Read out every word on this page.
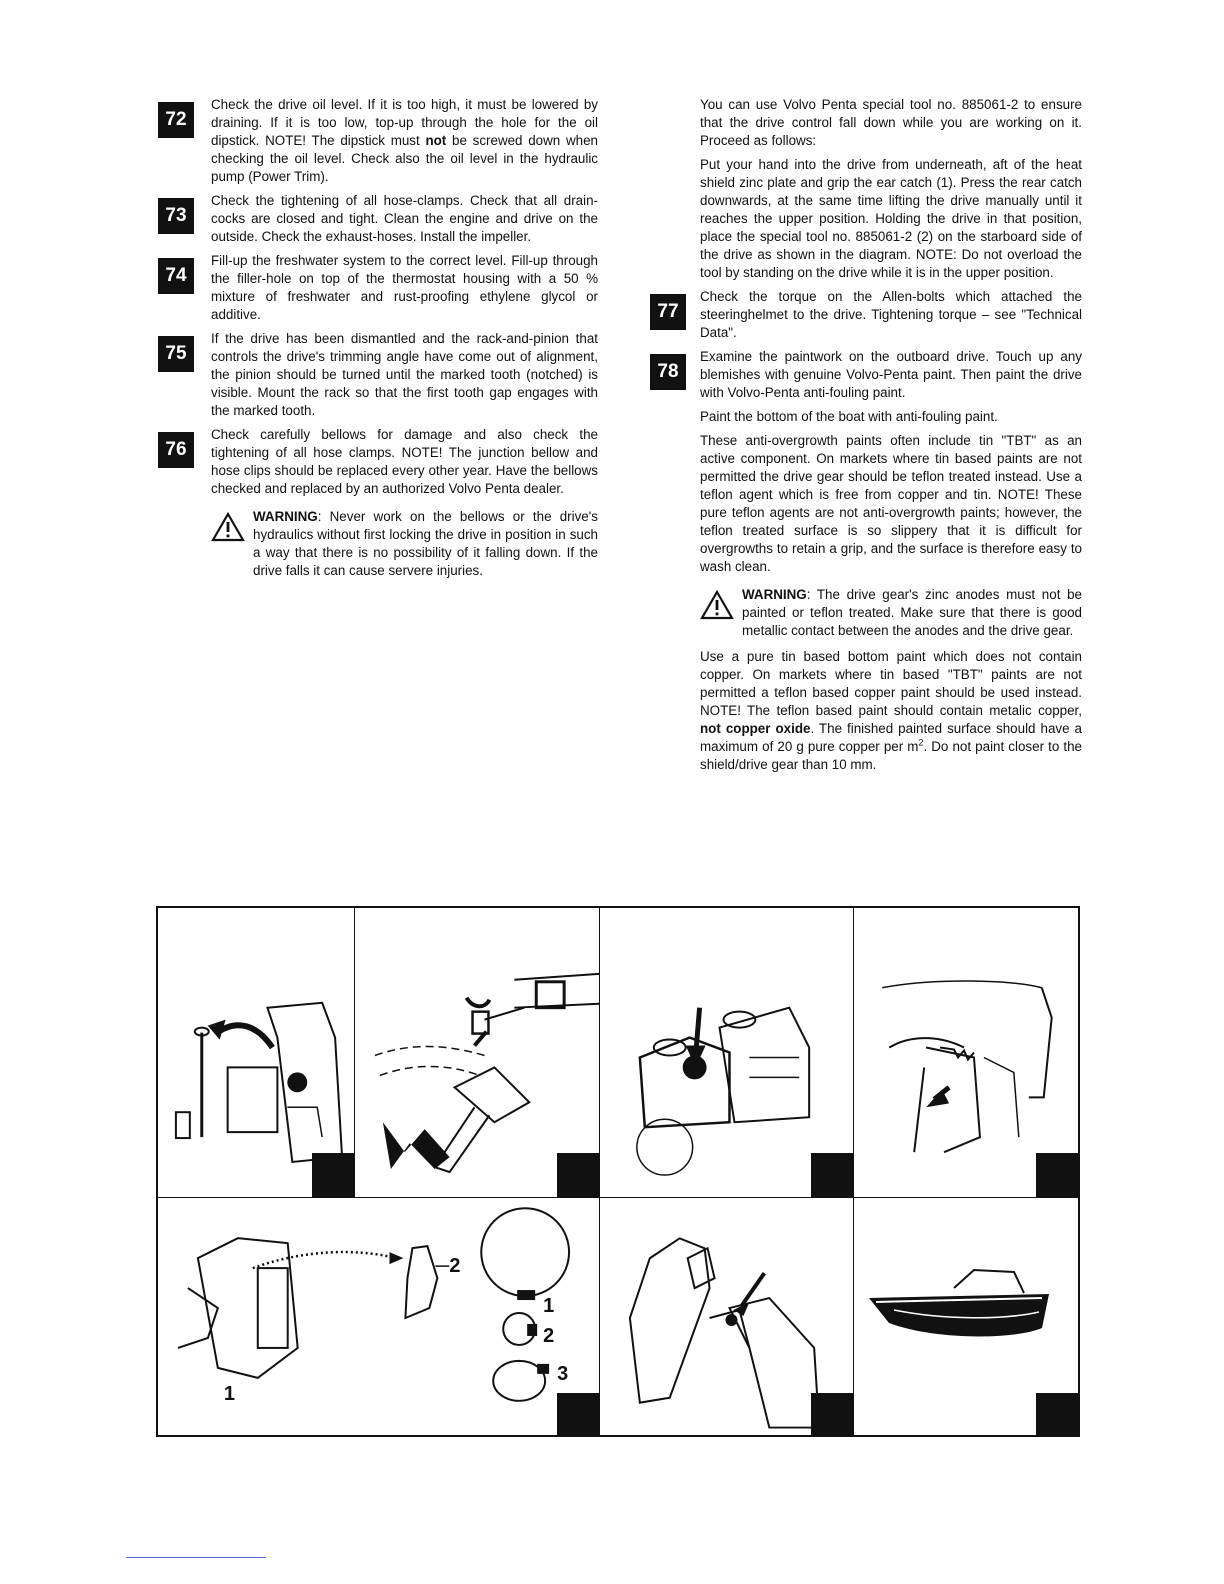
72

Check the drive oil level. If it is too high, it must be lowered by draining. If it is too low, top-up through the hole for the oil dipstick. NOTE! The dipstick must not be screwed down when checking the oil level. Check also the oil level in the hydraulic pump (Power Trim).

73

Check the tightening of all hose-clamps. Check that all drain-cocks are closed and tight. Clean the engine and drive on the outside. Check the exhaust-hoses. Install the impeller.

74

Fill-up the freshwater system to the correct level. Fill-up through the filler-hole on top of the thermostat housing with a 50 % mixture of freshwater and rust-proofing ethylene glycol or additive.

75

If the drive has been dismantled and the rack-and-pinion that controls the drive's trimming angle have come out of alignment, the pinion should be turned until the marked tooth (notched) is visible. Mount the rack so that the first tooth gap engages with the marked tooth.

76

Check carefully bellows for damage and also check the tightening of all hose clamps. NOTE! The junction bellow and hose clips should be replaced every other year. Have the bellows checked and replaced by an authorized Volvo Penta dealer.

WARNING: Never work on the bellows or the drive's hydraulics without first locking the drive in position in such a way that there is no possibility of it falling down. If the drive falls it can cause servere injuries.

You can use Volvo Penta special tool no. 885061-2 to ensure that the drive control fall down while you are working on it. Proceed as follows:

Put your hand into the drive from underneath, aft of the heat shield zinc plate and grip the ear catch (1). Press the rear catch downwards, at the same time lifting the drive manually until it reaches the upper position. Holding the drive in that position, place the special tool no. 885061-2 (2) on the starboard side of the drive as shown in the diagram. NOTE: Do not overload the tool by standing on the drive while it is in the upper position.

77

Check the torque on the Allen-bolts which attached the steeringhelmet to the drive. Tightening torque – see "Technical Data".

78

Examine the paintwork on the outboard drive. Touch up any blemishes with genuine Volvo-Penta paint. Then paint the drive with Volvo-Penta anti-fouling paint.

Paint the bottom of the boat with anti-fouling paint.

These anti-overgrowth paints often include tin "TBT" as an active component. On markets where tin based paints are not permitted the drive gear should be teflon treated instead. Use a teflon agent which is free from copper and tin. NOTE! These pure teflon agents are not anti-overgrowth paints; however, the teflon treated surface is so slippery that it is difficult for overgrowths to retain a grip, and the surface is therefore easy to wash clean.

WARNING: The drive gear's zinc anodes must not be painted or teflon treated. Make sure that there is good metallic contact between the anodes and the drive gear.

Use a pure tin based bottom paint which does not contain copper. On markets where tin based "TBT" paints are not permitted a teflon based copper paint should be used instead. NOTE! The teflon based paint should contain metalic copper, not copper oxide. The finished painted surface should have a maximum of 20 g pure copper per $m^2$. Do not paint closer to the shield/drive gear than 10 mm.

2
1
2
3
1
